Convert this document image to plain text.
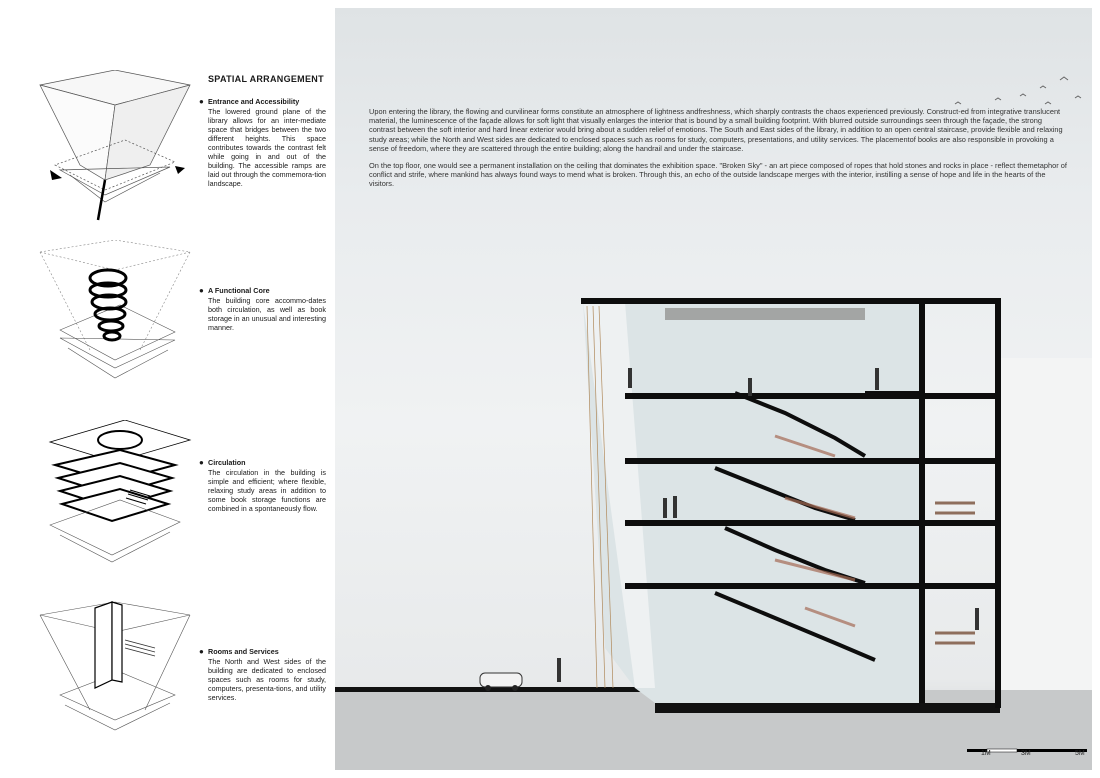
SPATIAL ARRANGEMENT
● Entrance and Accessibility
The lowered ground plane of the library allows for an inter-mediate space that bridges between the two different heights. This space contributes towards the contrast felt while going in and out of the building. The accessible ramps are laid out through the commemora-tion landscape.
● A Functional Core
The building core accommo-dates both circulation, as well as book storage in an unusual and interesting manner.
● Circulation
The circulation in the building is simple and efficient; where flexible, relaxing study areas in addition to some book storage functions are combined in a spontaneously flow.
● Rooms and Services
The North and West sides of the building are dedicated to enclosed spaces such as rooms for study, computers, presenta-tions, and utility services.

Upon entering the library, the flowing and curvilinear forms constitute an atmosphere of lightness andfreshness, which sharply contrasts the chaos experienced previously. Construct-ed from integrative translucent material, the luminescence of the façade allows for soft light that visually enlarges the interior that is bound by a small building footprint. With blurred outside surroundings seen through the façade, the strong contrast between the soft interior and hard linear exterior would bring about a sudden relief of emotions. The South and East sides of the library, in addition to an open central staircase, provide flexible and relaxing study areas; while the North and West sides are dedicated to enclosed spaces such as rooms for study, computers, presentations, and utility services. The placementof books are also responsible in provoking a sense of freedom, where they are scattered through the entire building; along the handrail and under the staircase.

On the top floor, one would see a permanent installation on the ceiling that dominates the exhibition space. "Broken Sky" - an art piece composed of ropes that hold stones and rocks in place - reflect themetaphor of conflict and strife, where mankind has always found ways to mend what is broken. Through this, an echo of the outside landscape merges with the interior, instilling a sense of hope and life in the hearts of the visitors.

1M	3M	5M
